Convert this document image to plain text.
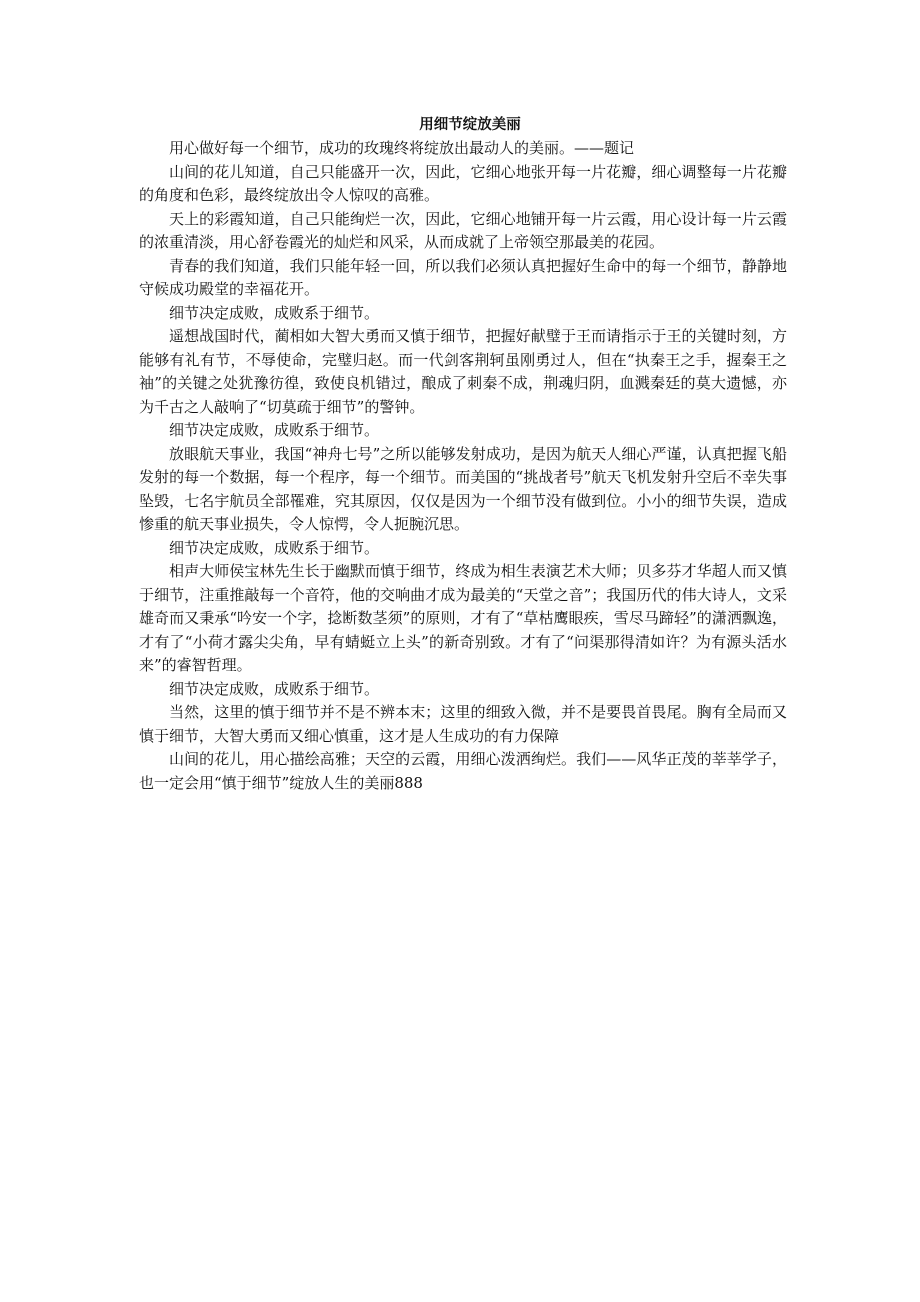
用细节绽放美丽

用心做好每一个细节，成功的玫瑰终将绽放出最动人的美丽。——题记

山间的花儿知道，自己只能盛开一次，因此，它细心地张开每一片花瓣，细心调整每一片花瓣的角度和色彩，最终绽放出令人惊叹的高雅。

天上的彩霞知道，自己只能绚烂一次，因此，它细心地铺开每一片云霞，用心设计每一片云霞的浓重清淡，用心舒卷霞光的灿烂和风采，从而成就了上帝领空那最美的花园。

青春的我们知道，我们只能年轻一回，所以我们必须认真把握好生命中的每一个细节，静静地守候成功殿堂的幸福花开。

细节决定成败，成败系于细节。

遥想战国时代，蔺相如大智大勇而又慎于细节，把握好献璧于王而请指示于王的关键时刻，方能够有礼有节，不辱使命，完璧归赵。而一代剑客荆轲虽刚勇过人，但在“执秦王之手，握秦王之袖”的关键之处犹豫彷徨，致使良机错过，酿成了刺秦不成，荆魂归阴，血溅秦廷的莫大遗憾，亦为千古之人敲响了“切莫疏于细节”的警钟。

细节决定成败，成败系于细节。

放眼航天事业，我国“神舟七号”之所以能够发射成功，是因为航天人细心严谨，认真把握飞船发射的每一个数据，每一个程序，每一个细节。而美国的“挑战者号”航天飞机发射升空后不幸失事坠毁，七名宇航员全部罹难，究其原因，仅仅是因为一个细节没有做到位。小小的细节失误，造成惨重的航天事业损失，令人惊愕，令人扼腕沉思。

细节决定成败，成败系于细节。

相声大师侯宝林先生长于幽默而慎于细节，终成为相生表演艺术大师；贝多芬才华超人而又慎于细节，注重推敲每一个音符，他的交响曲才成为最美的“天堂之音”；我国历代的伟大诗人，文采雄奇而又秉承“吟安一个字，捻断数茎须”的原则，才有了“草枯鹰眼疾，雪尽马蹄轻”的潇洒飘逸，才有了“小荷才露尖尖角，早有蜻蜓立上头”的新奇别致。才有了“问渠那得清如许？为有源头活水来”的睿智哲理。

细节决定成败，成败系于细节。

当然，这里的慎于细节并不是不辨本末；这里的细致入微，并不是要畏首畏尾。胸有全局而又慎于细节，大智大勇而又细心慎重，这才是人生成功的有力保障

山间的花儿，用心描绘高雅；天空的云霞，用细心泼洒绚烂。我们——风华正茂的莘莘学子，也一定会用“慎于细节”绽放人生的美丽888
